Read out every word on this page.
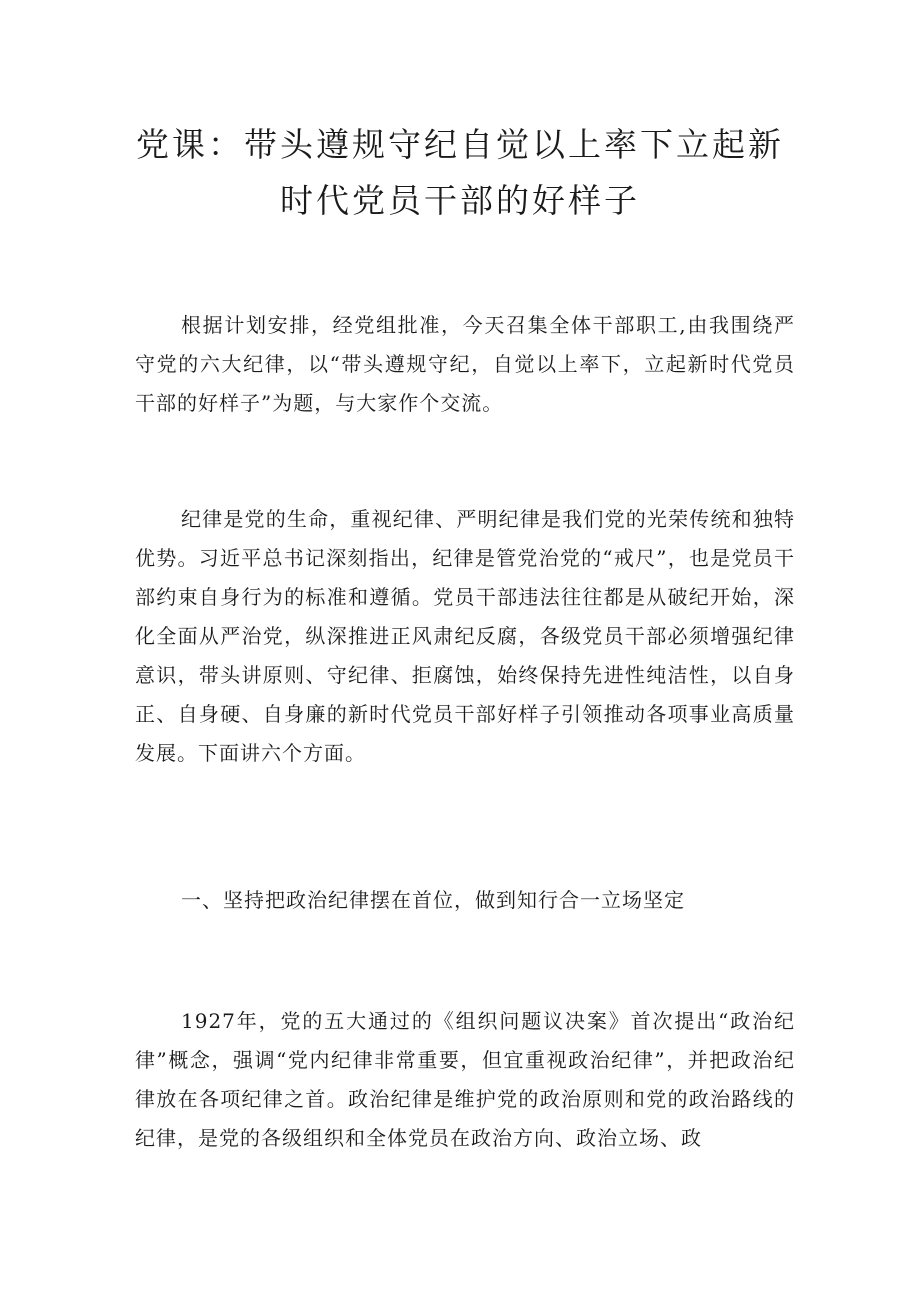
党课：带头遵规守纪自觉以上率下立起新
时代党员干部的好样子

根据计划安排，经党组批准，今天召集全体干部职工,由我围绕严守党的六大纪律，以“带头遵规守纪，自觉以上率下，立起新时代党员干部的好样子”为题，与大家作个交流。

纪律是党的生命，重视纪律、严明纪律是我们党的光荣传统和独特优势。习近平总书记深刻指出，纪律是管党治党的“戒尺”，也是党员干部约束自身行为的标准和遵循。党员干部违法往往都是从破纪开始，深化全面从严治党，纵深推进正风肃纪反腐，各级党员干部必须增强纪律意识，带头讲原则、守纪律、拒腐蚀，始终保持先进性纯洁性，以自身正、自身硬、自身廉的新时代党员干部好样子引领推动各项事业高质量发展。下面讲六个方面。

一、坚持把政治纪律摆在首位，做到知行合一立场坚定

1927年，党的五大通过的《组织问题议决案》首次提出“政治纪律”概念，强调“党内纪律非常重要，但宜重视政治纪律”，并把政治纪律放在各项纪律之首。政治纪律是维护党的政治原则和党的政治路线的纪律，是党的各级组织和全体党员在政治方向、政治立场、政
